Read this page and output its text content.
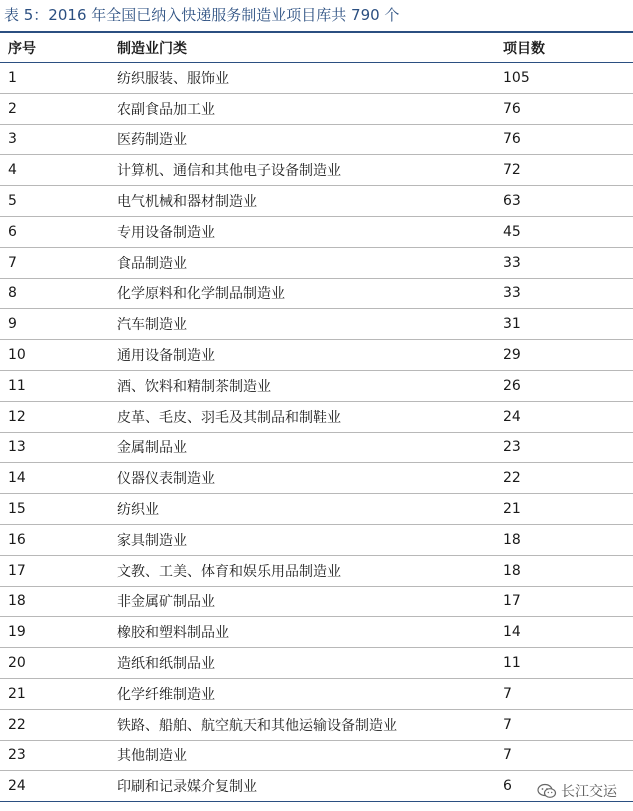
表 5：2016 年全国已纳入快递服务制造业项目库共 790 个
序号	制造业门类	项目数
1	纺织服装、服饰业	105
2	农副食品加工业	76
3	医药制造业	76
4	计算机、通信和其他电子设备制造业	72
5	电气机械和器材制造业	63
6	专用设备制造业	45
7	食品制造业	33
8	化学原料和化学制品制造业	33
9	汽车制造业	31
10	通用设备制造业	29
11	酒、饮料和精制茶制造业	26
12	皮革、毛皮、羽毛及其制品和制鞋业	24
13	金属制品业	23
14	仪器仪表制造业	22
15	纺织业	21
16	家具制造业	18
17	文教、工美、体育和娱乐用品制造业	18
18	非金属矿制品业	17
19	橡胶和塑料制品业	14
20	造纸和纸制品业	11
21	化学纤维制造业	7
22	铁路、船舶、航空航天和其他运输设备制造业	7
23	其他制造业	7
24	印刷和记录媒介复制业	6	长江交运
